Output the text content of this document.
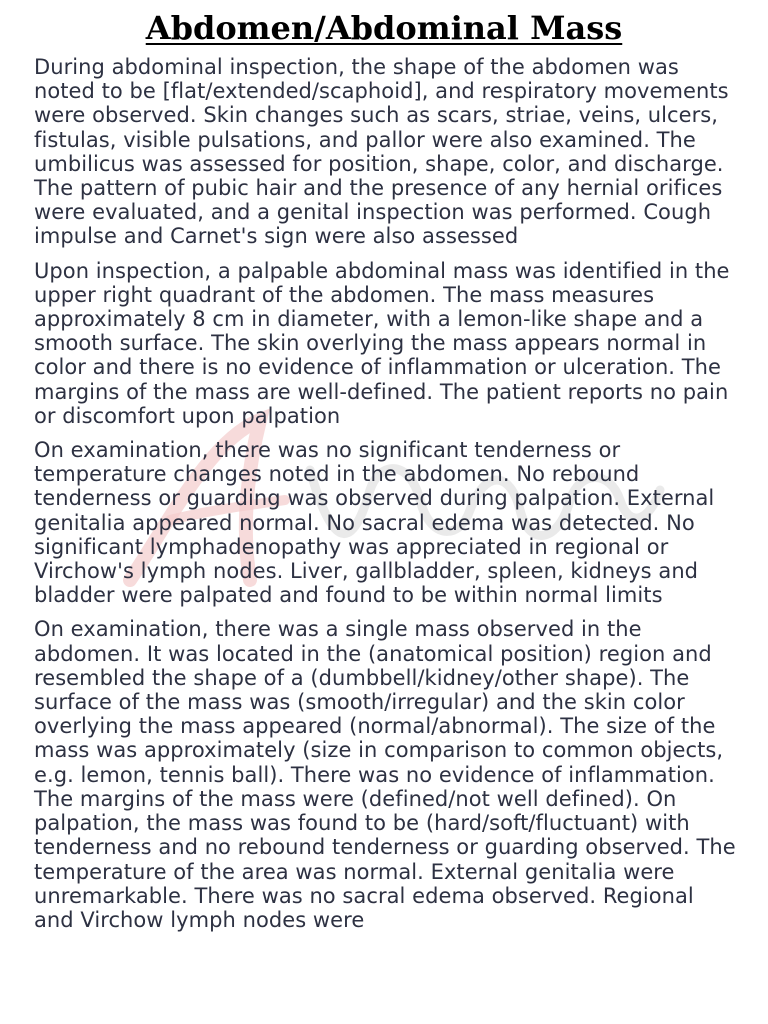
Abdomen/Abdominal Mass

During abdominal inspection, the shape of the abdomen was noted to be [flat/extended/scaphoid], and respiratory movements were observed. Skin changes such as scars, striae, veins, ulcers, fistulas, visible pulsations, and pallor were also examined. The umbilicus was assessed for position, shape, color, and discharge. The pattern of pubic hair and the presence of any hernial orifices were evaluated, and a genital inspection was performed. Cough impulse and Carnet's sign were also assessed

Upon inspection, a palpable abdominal mass was identified in the upper right quadrant of the abdomen. The mass measures approximately 8 cm in diameter, with a lemon-like shape and a smooth surface. The skin overlying the mass appears normal in color and there is no evidence of inflammation or ulceration. The margins of the mass are well-defined. The patient reports no pain or discomfort upon palpation

On examination, there was no significant tenderness or temperature changes noted in the abdomen. No rebound tenderness or guarding was observed during palpation. External genitalia appeared normal. No sacral edema was detected. No significant lymphadenopathy was appreciated in regional or Virchow's lymph nodes. Liver, gallbladder, spleen, kidneys and bladder were palpated and found to be within normal limits

On examination, there was a single mass observed in the abdomen. It was located in the (anatomical position) region and resembled the shape of a (dumbbell/kidney/other shape). The surface of the mass was (smooth/irregular) and the skin color overlying the mass appeared (normal/abnormal). The size of the mass was approximately (size in comparison to common objects, e.g. lemon, tennis ball). There was no evidence of inflammation. The margins of the mass were (defined/not well defined). On palpation, the mass was found to be (hard/soft/fluctuant) with tenderness and no rebound tenderness or guarding observed. The temperature of the area was normal. External genitalia were unremarkable. There was no sacral edema observed. Regional and Virchow lymph nodes were
